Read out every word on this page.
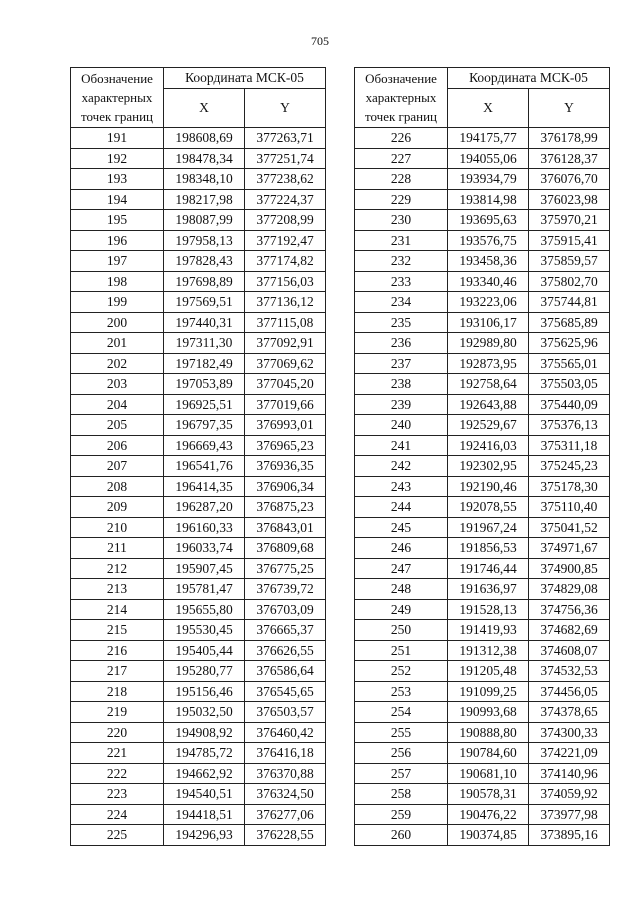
705
Обозначение характерных точек границ	Координата МСК-05	
	X	Y
191	198608,69	377263,71
192	198478,34	377251,74
193	198348,10	377238,62
194	198217,98	377224,37
195	198087,99	377208,99
196	197958,13	377192,47
197	197828,43	377174,82
198	197698,89	377156,03
199	197569,51	377136,12
200	197440,31	377115,08
201	197311,30	377092,91
202	197182,49	377069,62
203	197053,89	377045,20
204	196925,51	377019,66
205	196797,35	376993,01
206	196669,43	376965,23
207	196541,76	376936,35
208	196414,35	376906,34
209	196287,20	376875,23
210	196160,33	376843,01
211	196033,74	376809,68
212	195907,45	376775,25
213	195781,47	376739,72
214	195655,80	376703,09
215	195530,45	376665,37
216	195405,44	376626,55
217	195280,77	376586,64
218	195156,46	376545,65
219	195032,50	376503,57
220	194908,92	376460,42
221	194785,72	376416,18
222	194662,92	376370,88
223	194540,51	376324,50
224	194418,51	376277,06
225	194296,93	376228,55
Обозначение характерных точек границ	Координата МСК-05	
	X	Y
226	194175,77	376178,99
227	194055,06	376128,37
228	193934,79	376076,70
229	193814,98	376023,98
230	193695,63	375970,21
231	193576,75	375915,41
232	193458,36	375859,57
233	193340,46	375802,70
234	193223,06	375744,81
235	193106,17	375685,89
236	192989,80	375625,96
237	192873,95	375565,01
238	192758,64	375503,05
239	192643,88	375440,09
240	192529,67	375376,13
241	192416,03	375311,18
242	192302,95	375245,23
243	192190,46	375178,30
244	192078,55	375110,40
245	191967,24	375041,52
246	191856,53	374971,67
247	191746,44	374900,85
248	191636,97	374829,08
249	191528,13	374756,36
250	191419,93	374682,69
251	191312,38	374608,07
252	191205,48	374532,53
253	191099,25	374456,05
254	190993,68	374378,65
255	190888,80	374300,33
256	190784,60	374221,09
257	190681,10	374140,96
258	190578,31	374059,92
259	190476,22	373977,98
260	190374,85	373895,16
